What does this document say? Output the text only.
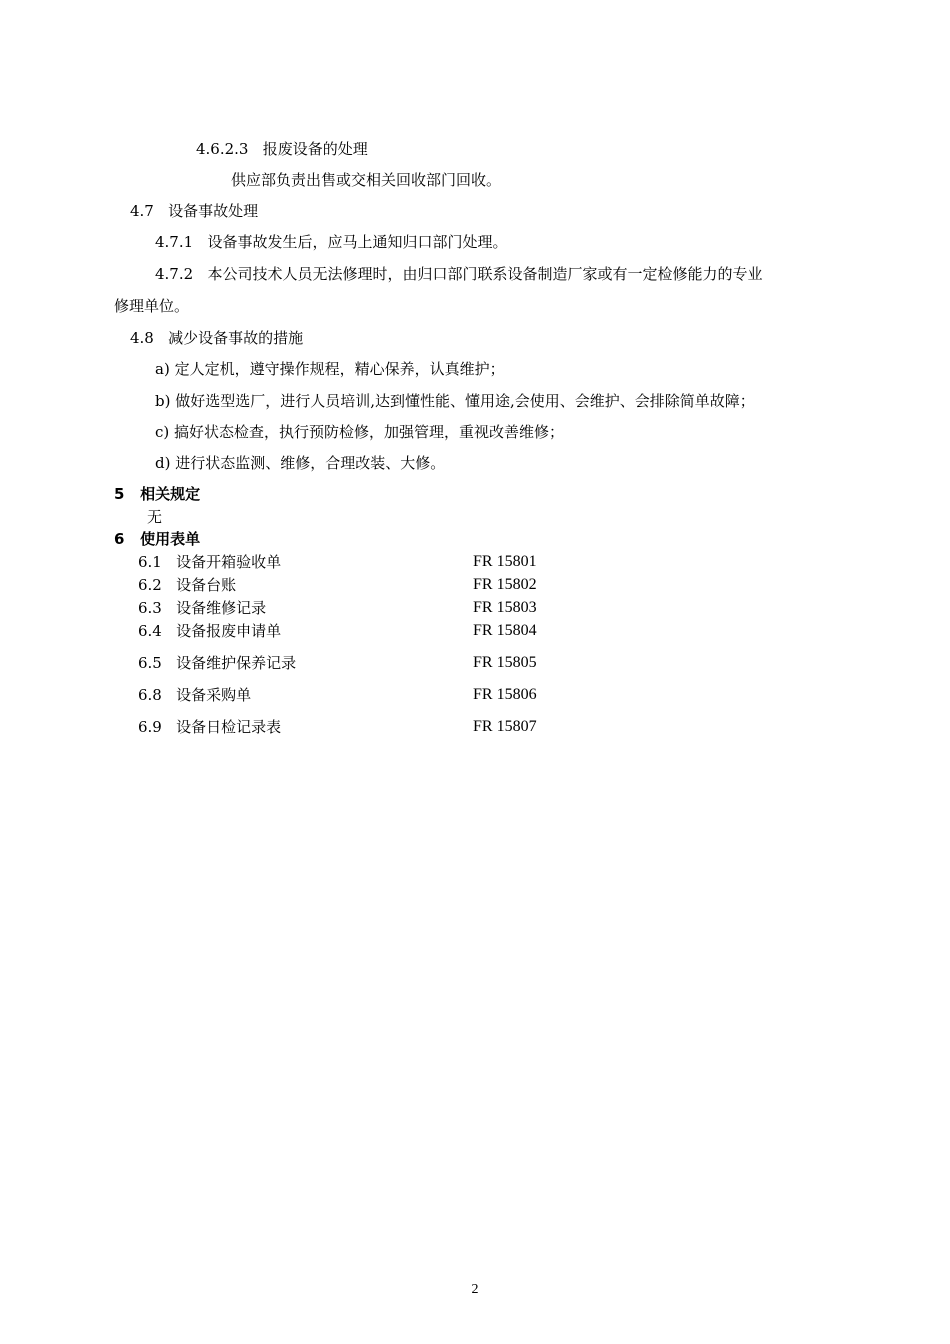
4.6.2.3 报废设备的处理
供应部负责出售或交相关回收部门回收。
4.7 设备事故处理
4.7.1 设备事故发生后，应马上通知归口部门处理。
4.7.2 本公司技术人员无法修理时，由归口部门联系设备制造厂家或有一定检修能力的专业
修理单位。
4.8 减少设备事故的措施
a) 定人定机，遵守操作规程，精心保养，认真维护；
b) 做好选型选厂，进行人员培训,达到懂性能、懂用途,会使用、会维护、会排除简单故障；
c) 搞好状态检查，执行预防检修，加强管理，重视改善维修；
d) 进行状态监测、维修，合理改装、大修。
5 相关规定
无
6 使用表单
6.1 设备开箱验收单	FR 15801
6.2 设备台账	FR 15802
6.3 设备维修记录	FR 15803
6.4 设备报废申请单	FR 15804
6.5 设备维护保养记录	FR 15805
6.8 设备采购单	FR 15806
6.9 设备日检记录表	FR 15807
2
